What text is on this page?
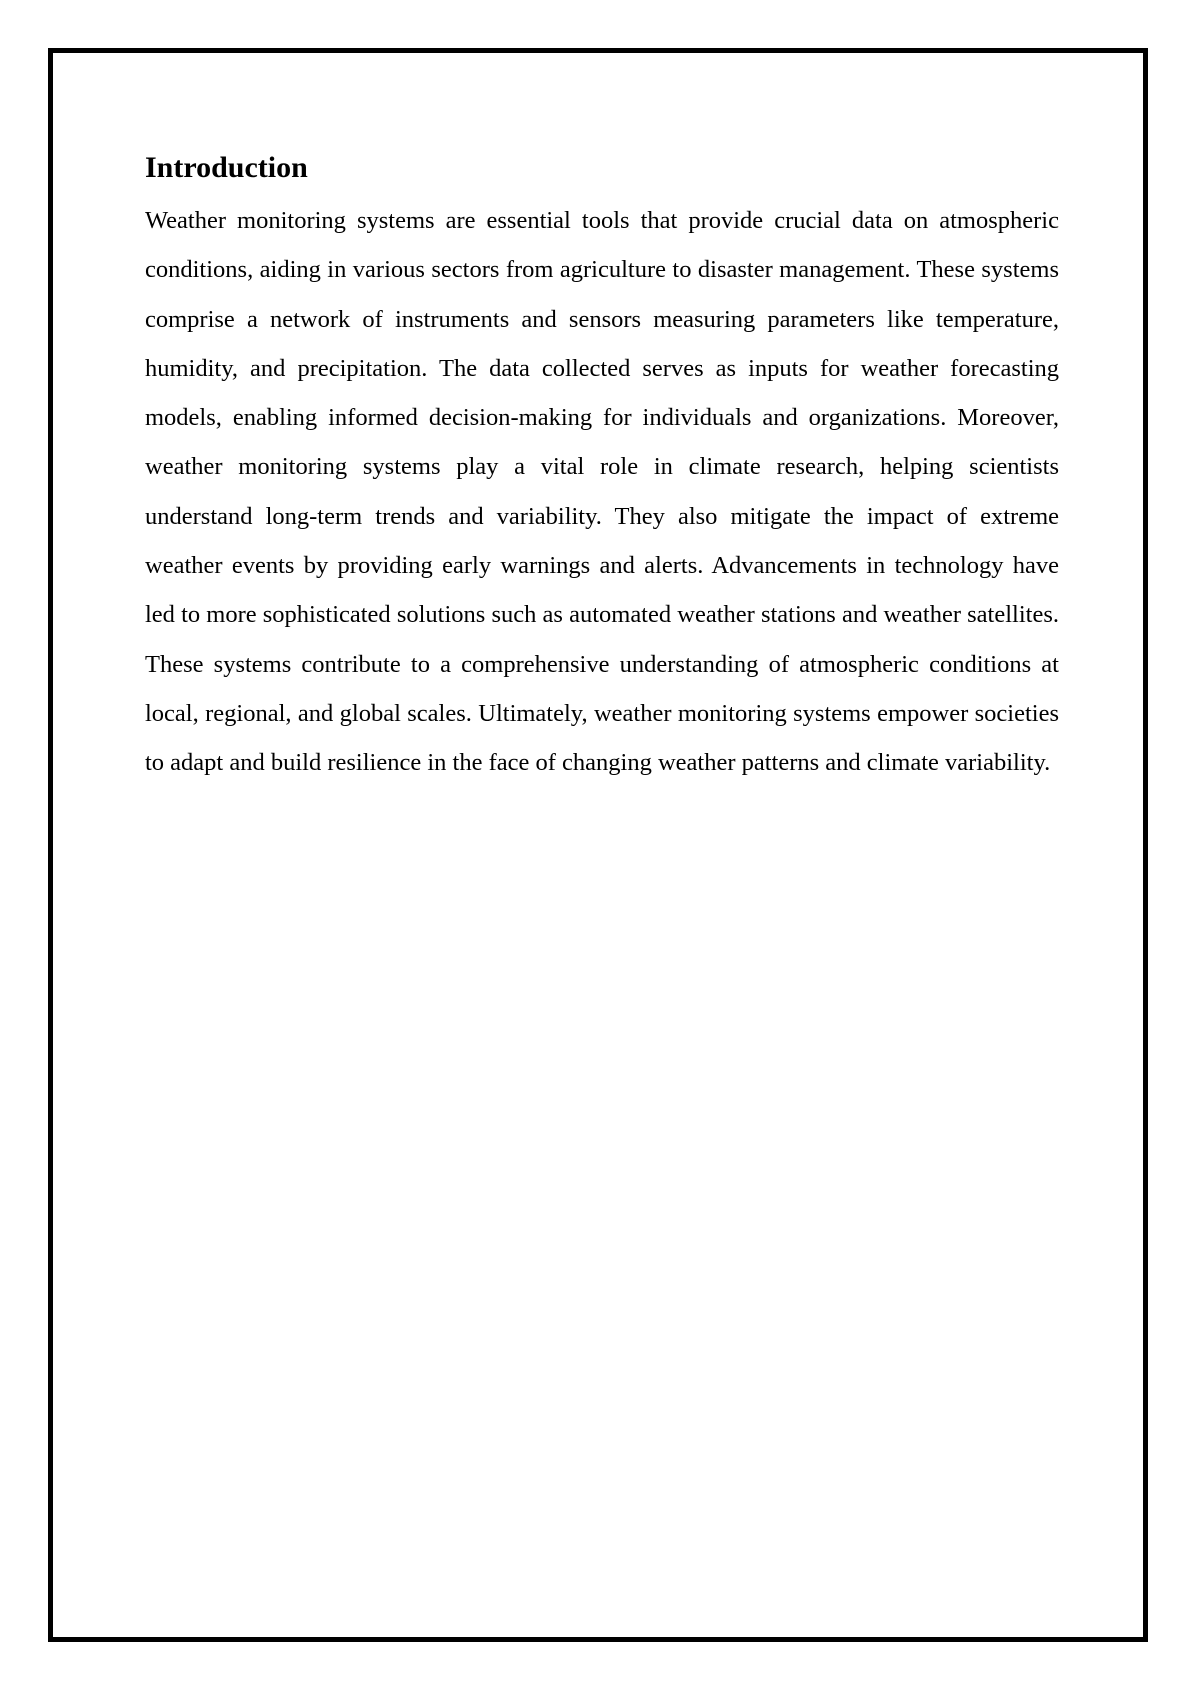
Introduction

Weather monitoring systems are essential tools that provide crucial data on atmospheric conditions, aiding in various sectors from agriculture to disaster management. These systems comprise a network of instruments and sensors measuring parameters like temperature, humidity, and precipitation. The data collected serves as inputs for weather forecasting models, enabling informed decision-making for individuals and organizations. Moreover, weather monitoring systems play a vital role in climate research, helping scientists understand long-term trends and variability. They also mitigate the impact of extreme weather events by providing early warnings and alerts. Advancements in technology have led to more sophisticated solutions such as automated weather stations and weather satellites. These systems contribute to a comprehensive understanding of atmospheric conditions at local, regional, and global scales. Ultimately, weather monitoring systems empower societies to adapt and build resilience in the face of changing weather patterns and climate variability.
